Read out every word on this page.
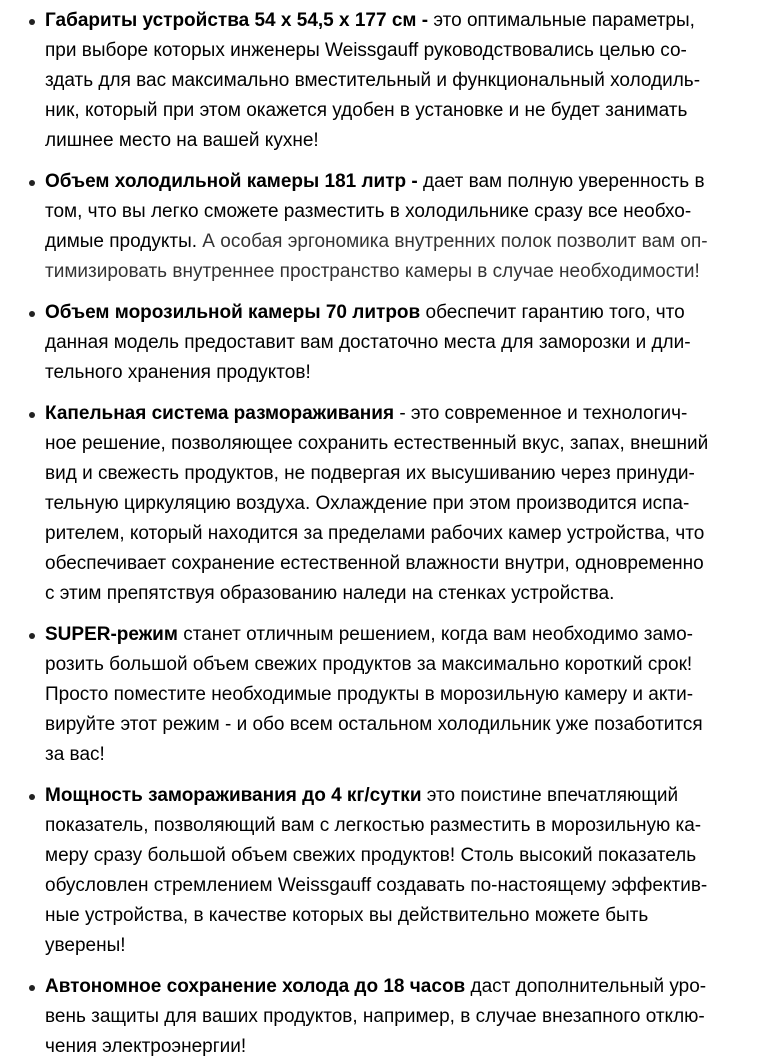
Габариты устройства 54 x 54,5 x 177 см - это оптимальные параметры,
при выборе которых инженеры Weissgauff руководствовались целью со-
здать для вас максимально вместительный и функциональный холодиль-
ник, который при этом окажется удобен в установке и не будет занимать
лишнее место на вашей кухне!
Объем холодильной камеры 181 литр - дает вам полную уверенность в
том, что вы легко сможете разместить в холодильнике сразу все необхо-
димые продукты. А особая эргономика внутренних полок позволит вам оп-
тимизировать внутреннее пространство камеры в случае необходимости!
Объем морозильной камеры 70 литров обеспечит гарантию того, что
данная модель предоставит вам достаточно места для заморозки и дли-
тельного хранения продуктов!
Капельная система размораживания - это современное и технологич-
ное решение, позволяющее сохранить естественный вкус, запах, внешний
вид и свежесть продуктов, не подвергая их высушиванию через принуди-
тельную циркуляцию воздуха. Охлаждение при этом производится испа-
рителем, который находится за пределами рабочих камер устройства, что
обеспечивает сохранение естественной влажности внутри, одновременно
с этим препятствуя образованию наледи на стенках устройства.
SUPER-режим станет отличным решением, когда вам необходимо замо-
розить большой объем свежих продуктов за максимально короткий срок!
Просто поместите необходимые продукты в морозильную камеру и акти-
вируйте этот режим - и обо всем остальном холодильник уже позаботится
за вас!
Мощность замораживания до 4 кг/сутки это поистине впечатляющий
показатель, позволяющий вам с легкостью разместить в морозильную ка-
меру сразу большой объем свежих продуктов! Столь высокий показатель
обусловлен стремлением Weissgauff создавать по-настоящему эффектив-
ные устройства, в качестве которых вы действительно можете быть
уверены!
Автономное сохранение холода до 18 часов даст дополнительный уро-
вень защиты для ваших продуктов, например, в случае внезапного отклю-
чения электроэнергии!
